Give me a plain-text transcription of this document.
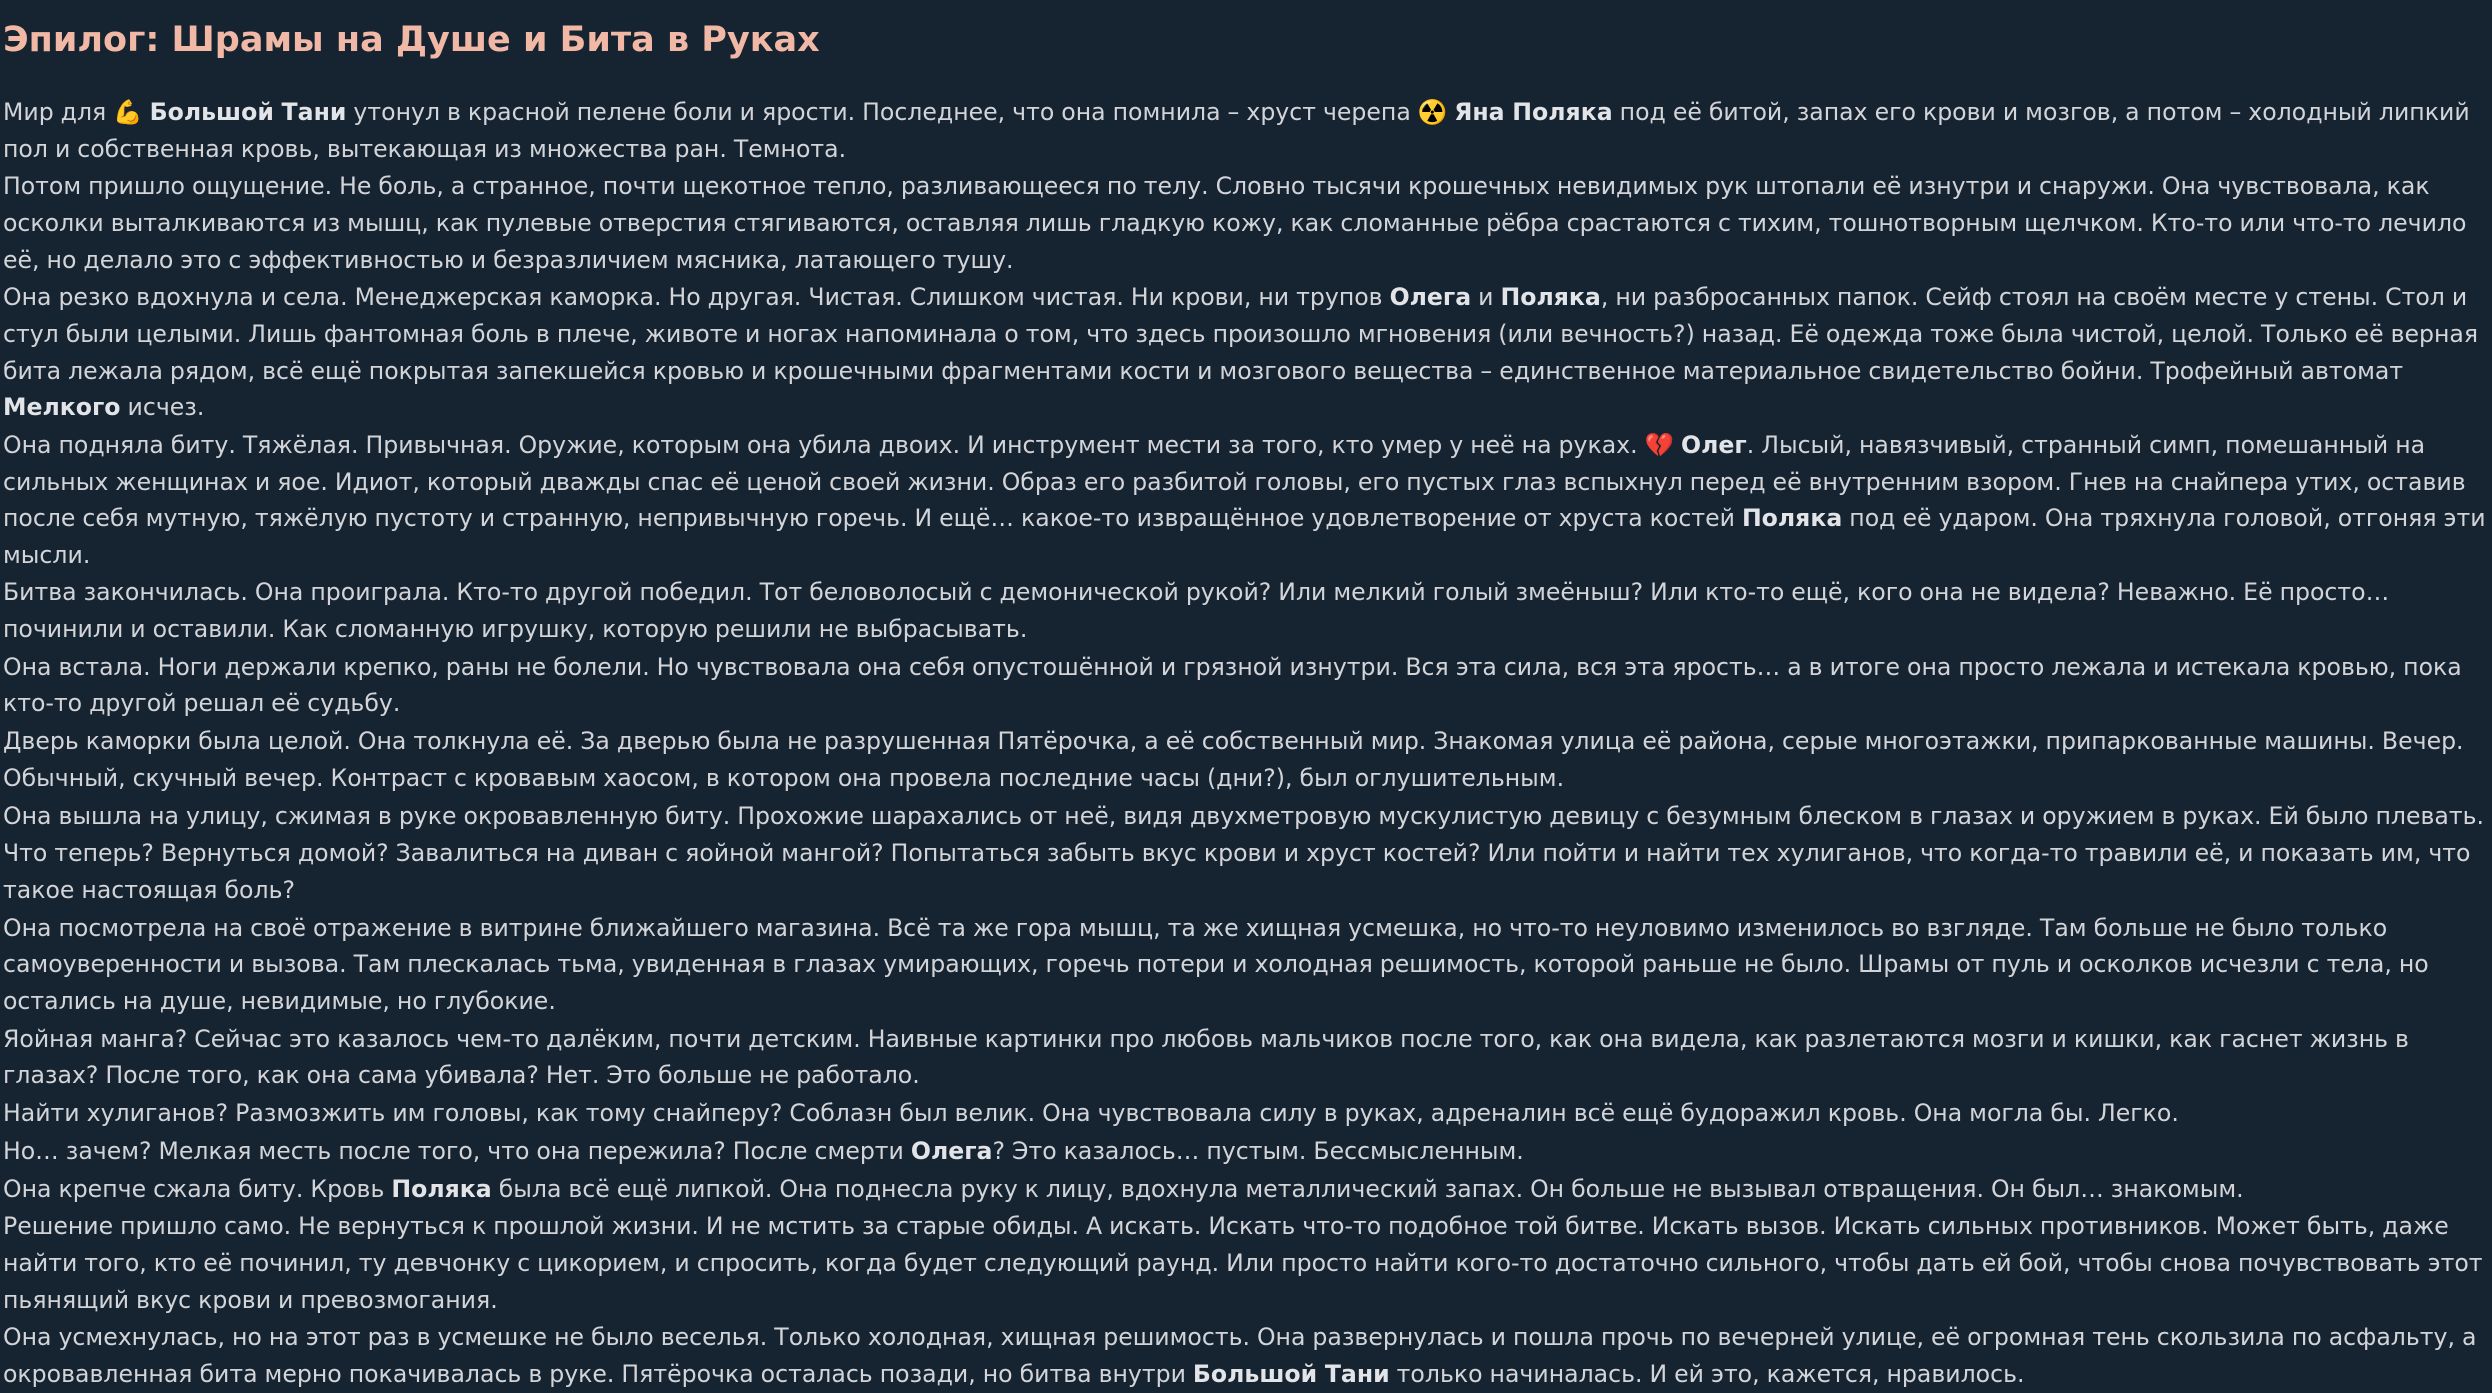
Эпилог: Шрамы на Душе и Бита в Руках

Мир для 💪 Большой Тани утонул в красной пелене боли и ярости. Последнее, что она помнила – хруст черепа ☢️ Яна Поляка под её битой, запах его крови и мозгов, а потом – холодный липкий пол и собственная кровь, вытекающая из множества ран. Темнота.

Потом пришло ощущение. Не боль, а странное, почти щекотное тепло, разливающееся по телу. Словно тысячи крошечных невидимых рук штопали её изнутри и снаружи. Она чувствовала, как осколки выталкиваются из мышц, как пулевые отверстия стягиваются, оставляя лишь гладкую кожу, как сломанные рёбра срастаются с тихим, тошнотворным щелчком. Кто-то или что-то лечило её, но делало это с эффективностью и безразличием мясника, латающего тушу.

Она резко вдохнула и села. Менеджерская каморка. Но другая. Чистая. Слишком чистая. Ни крови, ни трупов Олега и Поляка, ни разбросанных папок. Сейф стоял на своём месте у стены. Стол и стул были целыми. Лишь фантомная боль в плече, животе и ногах напоминала о том, что здесь произошло мгновения (или вечность?) назад. Её одежда тоже была чистой, целой. Только её верная бита лежала рядом, всё ещё покрытая запекшейся кровью и крошечными фрагментами кости и мозгового вещества – единственное материальное свидетельство бойни. Трофейный автомат Мелкого исчез.

Она подняла биту. Тяжёлая. Привычная. Оружие, которым она убила двоих. И инструмент мести за того, кто умер у неё на руках. 💔 Олег. Лысый, навязчивый, странный симп, помешанный на сильных женщинах и яое. Идиот, который дважды спас её ценой своей жизни. Образ его разбитой головы, его пустых глаз вспыхнул перед её внутренним взором. Гнев на снайпера утих, оставив после себя мутную, тяжёлую пустоту и странную, непривычную горечь. И ещё… какое-то извращённое удовлетворение от хруста костей Поляка под её ударом. Она тряхнула головой, отгоняя эти мысли.

Битва закончилась. Она проиграла. Кто-то другой победил. Тот беловолосый с демонической рукой? Или мелкий голый змеёныш? Или кто-то ещё, кого она не видела? Неважно. Её просто… починили и оставили. Как сломанную игрушку, которую решили не выбрасывать.

Она встала. Ноги держали крепко, раны не болели. Но чувствовала она себя опустошённой и грязной изнутри. Вся эта сила, вся эта ярость… а в итоге она просто лежала и истекала кровью, пока кто-то другой решал её судьбу.

Дверь каморки была целой. Она толкнула её. За дверью была не разрушенная Пятёрочка, а её собственный мир. Знакомая улица её района, серые многоэтажки, припаркованные машины. Вечер. Обычный, скучный вечер. Контраст с кровавым хаосом, в котором она провела последние часы (дни?), был оглушительным.

Она вышла на улицу, сжимая в руке окровавленную биту. Прохожие шарахались от неё, видя двухметровую мускулистую девицу с безумным блеском в глазах и оружием в руках. Ей было плевать.

Что теперь? Вернуться домой? Завалиться на диван с яойной мангой? Попытаться забыть вкус крови и хруст костей? Или пойти и найти тех хулиганов, что когда-то травили её, и показать им, что такое настоящая боль?

Она посмотрела на своё отражение в витрине ближайшего магазина. Всё та же гора мышц, та же хищная усмешка, но что-то неуловимо изменилось во взгляде. Там больше не было только самоуверенности и вызова. Там плескалась тьма, увиденная в глазах умирающих, горечь потери и холодная решимость, которой раньше не было. Шрамы от пуль и осколков исчезли с тела, но остались на душе, невидимые, но глубокие.

Яойная манга? Сейчас это казалось чем-то далёким, почти детским. Наивные картинки про любовь мальчиков после того, как она видела, как разлетаются мозги и кишки, как гаснет жизнь в глазах? После того, как она сама убивала? Нет. Это больше не работало.

Найти хулиганов? Размозжить им головы, как тому снайперу? Соблазн был велик. Она чувствовала силу в руках, адреналин всё ещё будоражил кровь. Она могла бы. Легко.

Но… зачем? Мелкая месть после того, что она пережила? После смерти Олега? Это казалось… пустым. Бессмысленным.

Она крепче сжала биту. Кровь Поляка была всё ещё липкой. Она поднесла руку к лицу, вдохнула металлический запах. Он больше не вызывал отвращения. Он был… знакомым.

Решение пришло само. Не вернуться к прошлой жизни. И не мстить за старые обиды. А искать. Искать что-то подобное той битве. Искать вызов. Искать сильных противников. Может быть, даже найти того, кто её починил, ту девчонку с цикорием, и спросить, когда будет следующий раунд. Или просто найти кого-то достаточно сильного, чтобы дать ей бой, чтобы снова почувствовать этот пьянящий вкус крови и превозмогания.

Она усмехнулась, но на этот раз в усмешке не было веселья. Только холодная, хищная решимость. Она развернулась и пошла прочь по вечерней улице, её огромная тень скользила по асфальту, а окровавленная бита мерно покачивалась в руке. Пятёрочка осталась позади, но битва внутри Большой Тани только начиналась. И ей это, кажется, нравилось.
